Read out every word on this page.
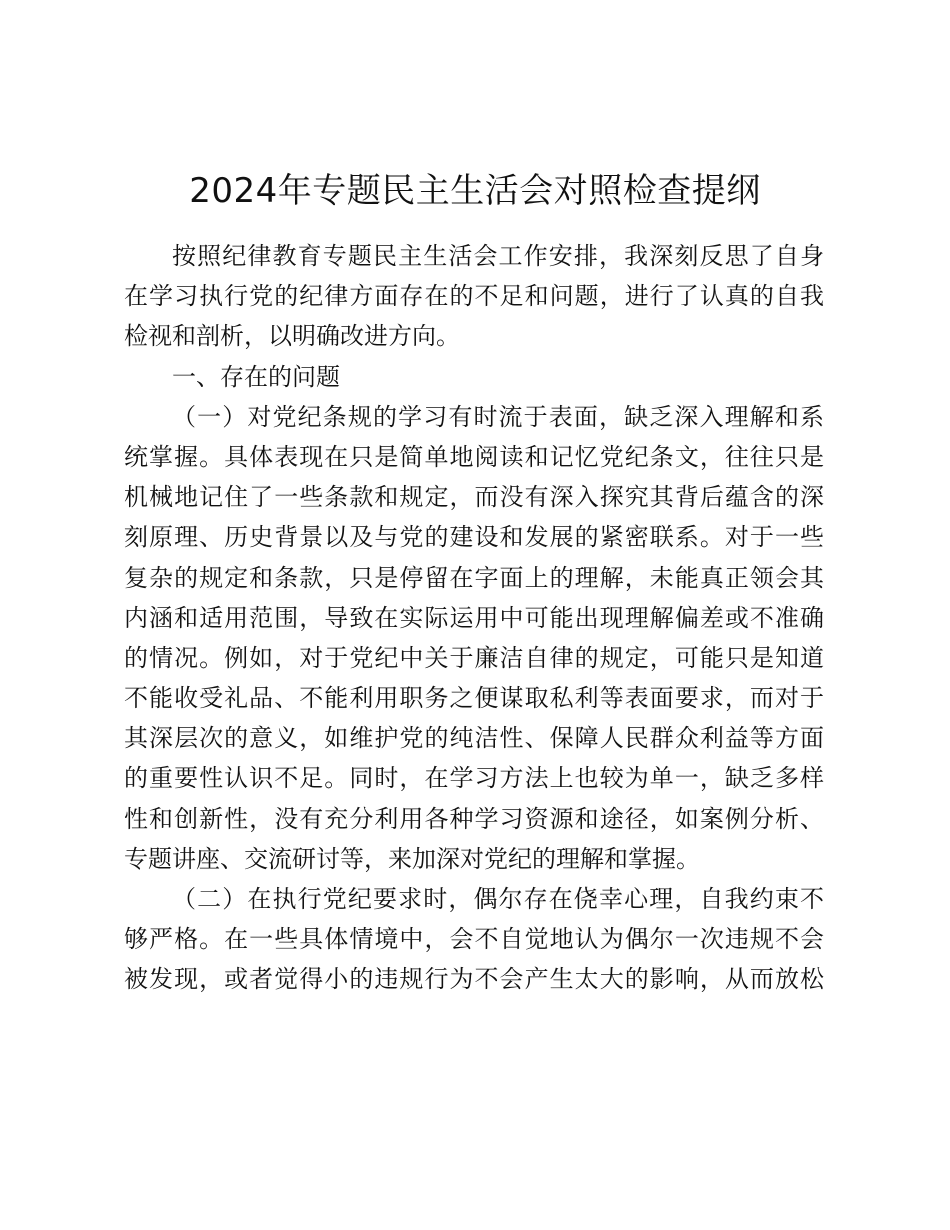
2024年专题民主生活会对照检查提纲
按照纪律教育专题民主生活会工作安排，我深刻反思了自身
在学习执行党的纪律方面存在的不足和问题，进行了认真的自我
检视和剖析，以明确改进方向。
一、存在的问题
（一）对党纪条规的学习有时流于表面，缺乏深入理解和系
统掌握。具体表现在只是简单地阅读和记忆党纪条文，往往只是
机械地记住了一些条款和规定，而没有深入探究其背后蕴含的深
刻原理、历史背景以及与党的建设和发展的紧密联系。对于一些
复杂的规定和条款，只是停留在字面上的理解，未能真正领会其
内涵和适用范围，导致在实际运用中可能出现理解偏差或不准确
的情况。例如，对于党纪中关于廉洁自律的规定，可能只是知道
不能收受礼品、不能利用职务之便谋取私利等表面要求，而对于
其深层次的意义，如维护党的纯洁性、保障人民群众利益等方面
的重要性认识不足。同时，在学习方法上也较为单一，缺乏多样
性和创新性，没有充分利用各种学习资源和途径，如案例分析、
专题讲座、交流研讨等，来加深对党纪的理解和掌握。
（二）在执行党纪要求时，偶尔存在侥幸心理，自我约束不
够严格。在一些具体情境中，会不自觉地认为偶尔一次违规不会
被发现，或者觉得小的违规行为不会产生太大的影响，从而放松
